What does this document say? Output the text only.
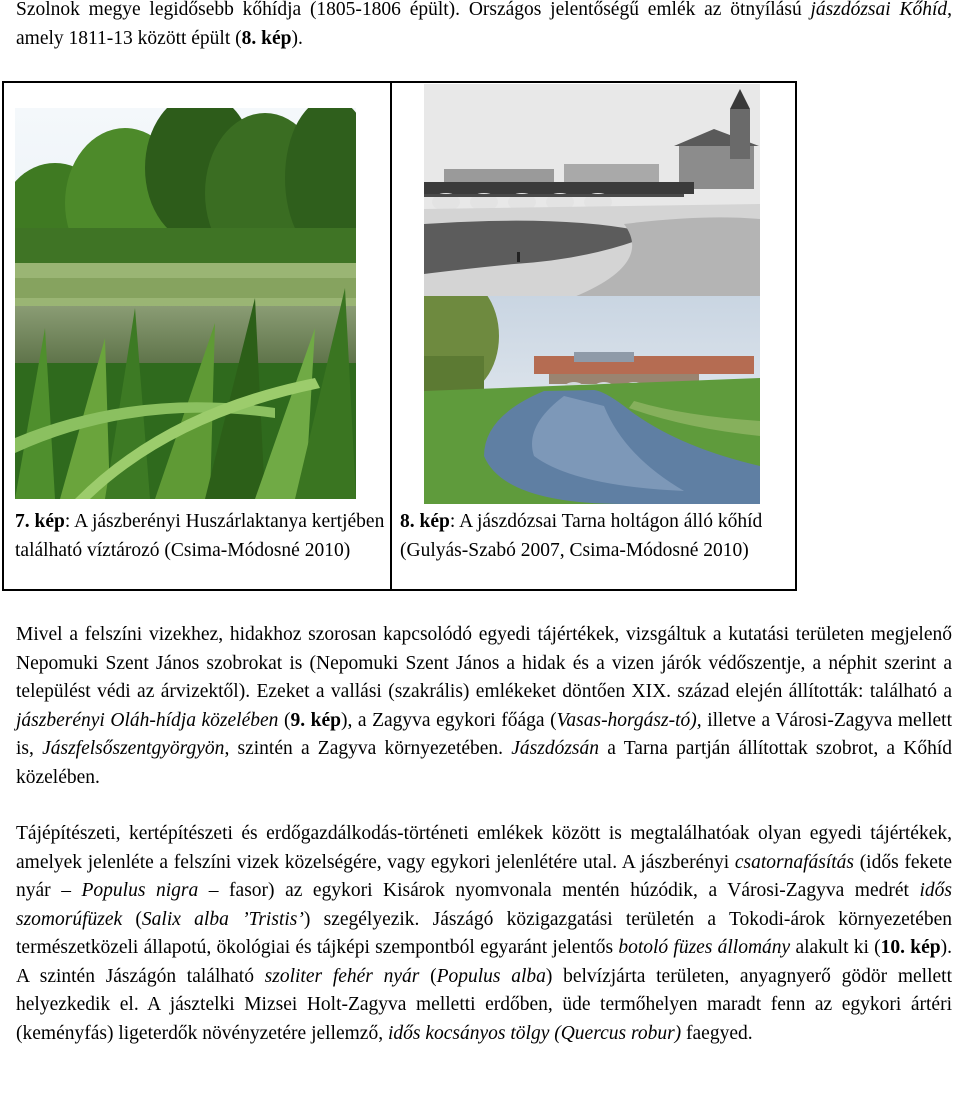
Szolnok megye legidősebb kőhídja (1805-1806 épült). Országos jelentőségű emlék az ötnyílású jászdózsai Kőhíd, amely 1811-13 között épült (8. kép).

7. kép: A jászberényi Huszárlaktanya kertjében található víztározó (Csima-Módosné 2010)

8. kép: A jászdózsai Tarna holtágon álló kőhíd (Gulyás-Szabó 2007, Csima-Módosné 2010)

Mivel a felszíni vizekhez, hidakhoz szorosan kapcsolódó egyedi tájértékek, vizsgáltuk a kutatási területen megjelenő Nepomuki Szent János szobrokat is (Nepomuki Szent János a hidak és a vizen járók védőszentje, a néphit szerint a települést védi az árvizektől). Ezeket a vallási (szakrális) emlékeket döntően XIX. század elején állították: található a jászberényi Oláh-hídja közelében (9. kép), a Zagyva egykori főága (Vasas-horgász-tó), illetve a Városi-Zagyva mellett is, Jászfelsőszentgyörgyön, szintén a Zagyva környezetében. Jászdózsán a Tarna partján állítottak szobrot, a Kőhíd közelében.

Tájépítészeti, kertépítészeti és erdőgazdálkodás-történeti emlékek között is megtalálhatóak olyan egyedi tájértékek, amelyek jelenléte a felszíni vizek közelségére, vagy egykori jelenlétére utal. A jászberényi csatornafásítás (idős fekete nyár – Populus nigra – fasor) az egykori Kisárok nyomvonala mentén húzódik, a Városi-Zagyva medrét idős szomorúfüzek (Salix alba ’Tristis’) szegélyezik. Jászágó közigazgatási területén a Tokodi-árok környezetében természetközeli állapotú, ökológiai és tájképi szempontból egyaránt jelentős botoló füzes állomány alakult ki (10. kép). A szintén Jászágón található szoliter fehér nyár (Populus alba) belvízjárta területen, anyagnyerő gödör mellett helyezkedik el. A jásztelki Mizsei Holt-Zagyva melletti erdőben, üde termőhelyen maradt fenn az egykori ártéri (keményfás) ligeterdők növényzetére jellemző, idős kocsányos tölgy (Quercus robur) faegyed.
